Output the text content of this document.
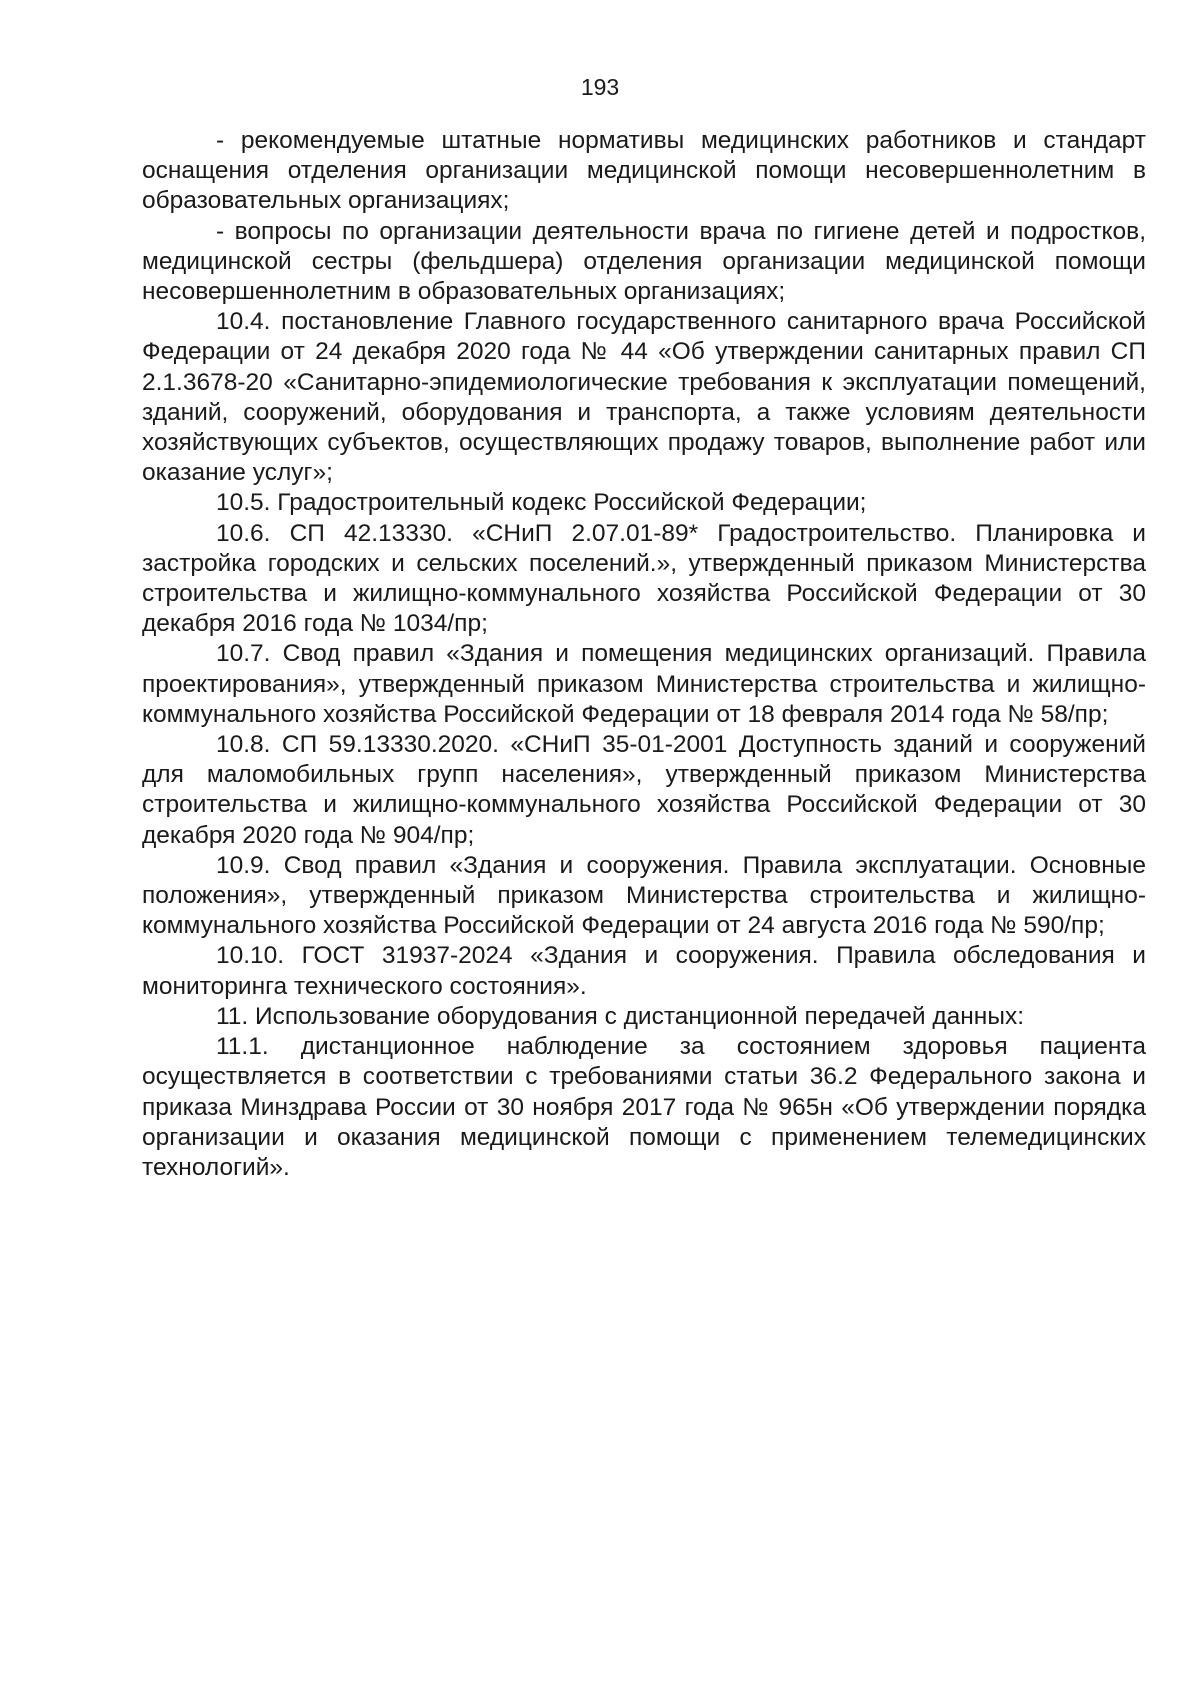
193

- рекомендуемые штатные нормативы медицинских работников и стандарт оснащения отделения организации медицинской помощи несовершеннолетним в образовательных организациях;

- вопросы по организации деятельности врача по гигиене детей и подростков, медицинской сестры (фельдшера) отделения организации медицинской помощи несовершеннолетним в образовательных организациях;

10.4. постановление Главного государственного санитарного врача Российской Федерации от 24 декабря 2020 года № 44 «Об утверждении санитарных правил СП 2.1.3678-20 «Санитарно-эпидемиологические требования к эксплуатации помещений, зданий, сооружений, оборудования и транспорта, а также условиям деятельности хозяйствующих субъектов, осуществляющих продажу товаров, выполнение работ или оказание услуг»;

10.5. Градостроительный кодекс Российской Федерации;

10.6. СП 42.13330. «СНиП 2.07.01-89* Градостроительство. Планировка и застройка городских и сельских поселений.», утвержденный приказом Министерства строительства и жилищно-коммунального хозяйства Российской Федерации от 30 декабря 2016 года № 1034/пр;

10.7. Свод правил «Здания и помещения медицинских организаций. Правила проектирования», утвержденный приказом Министерства строительства и жилищно-коммунального хозяйства Российской Федерации от 18 февраля 2014 года № 58/пр;

10.8. СП 59.13330.2020. «СНиП 35-01-2001 Доступность зданий и сооружений для маломобильных групп населения», утвержденный приказом Министерства строительства и жилищно-коммунального хозяйства Российской Федерации от 30 декабря 2020 года № 904/пр;

10.9. Свод правил «Здания и сооружения. Правила эксплуатации. Основные положения», утвержденный приказом Министерства строительства и жилищно-коммунального хозяйства Российской Федерации от 24 августа 2016 года № 590/пр;

10.10. ГОСТ 31937-2024 «Здания и сооружения. Правила обследования и мониторинга технического состояния».

11. Использование оборудования с дистанционной передачей данных:

11.1. дистанционное наблюдение за состоянием здоровья пациента осуществляется в соответствии с требованиями статьи 36.2 Федерального закона и приказа Минздрава России от 30 ноября 2017 года № 965н «Об утверждении порядка организации и оказания медицинской помощи с применением телемедицинских технологий».
